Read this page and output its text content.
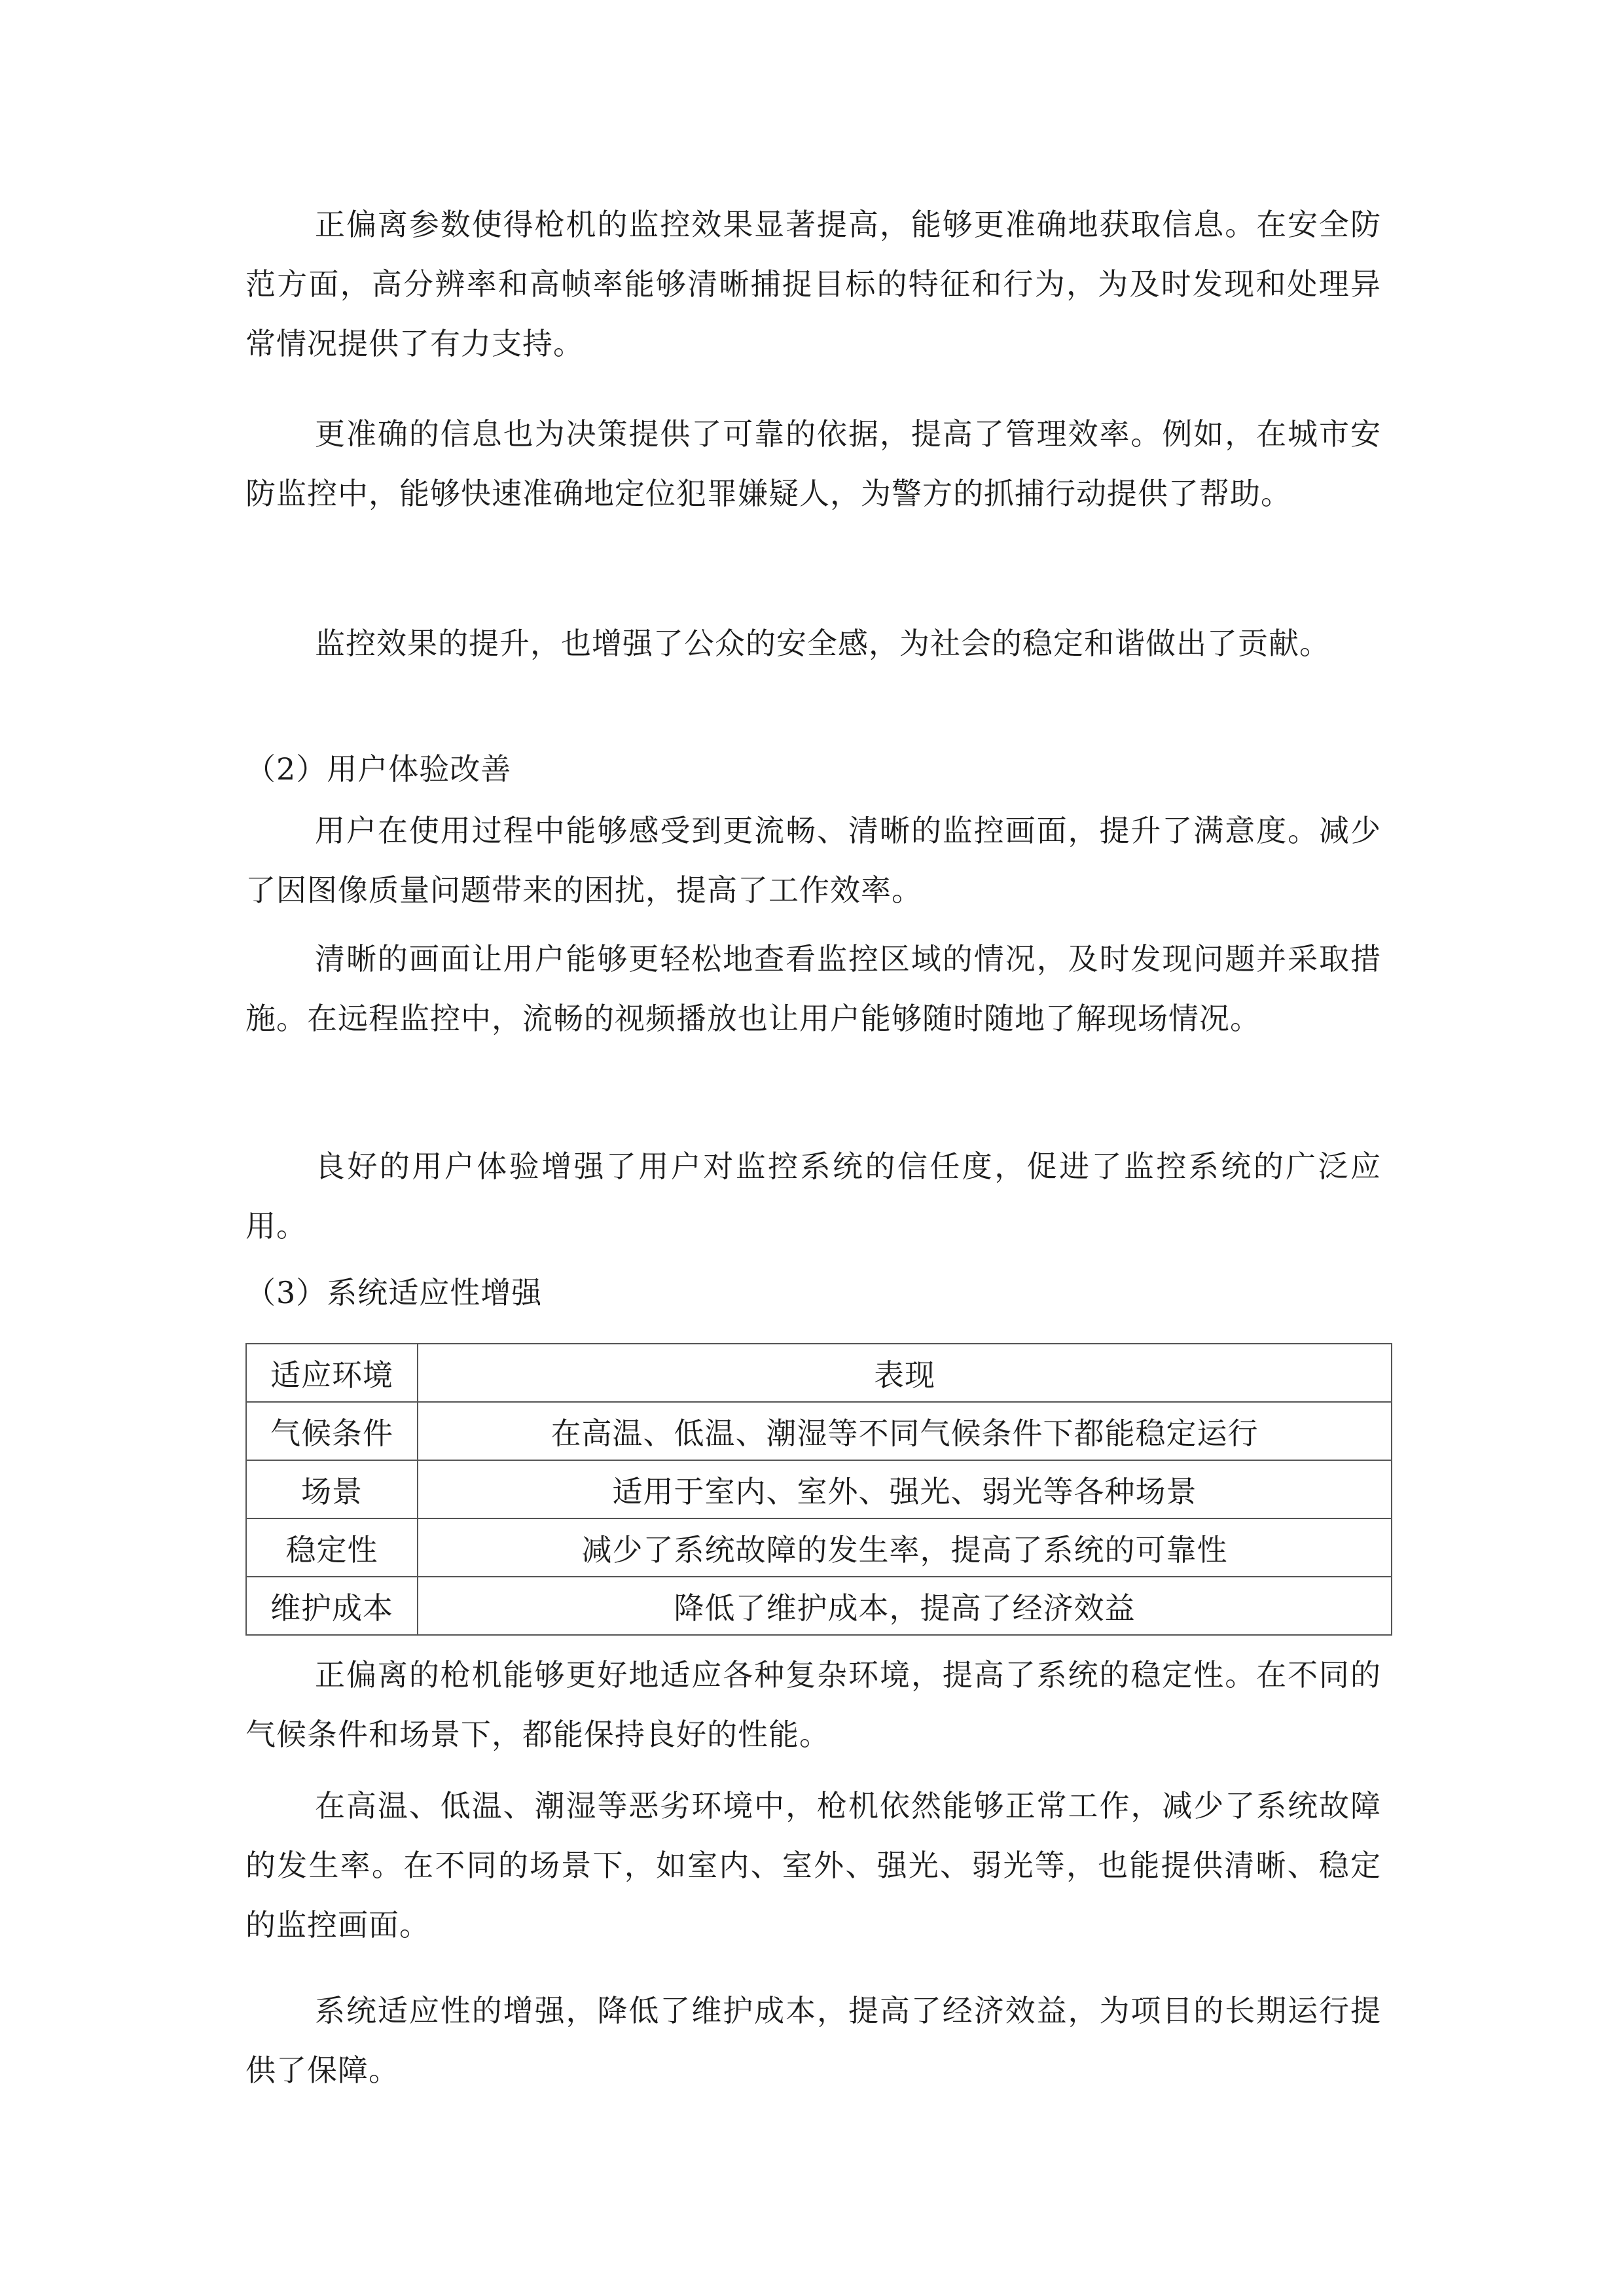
正偏离参数使得枪机的监控效果显著提高，能够更准确地获取信息。在安全防范方面，高分辨率和高帧率能够清晰捕捉目标的特征和行为，为及时发现和处理异常情况提供了有力支持。

更准确的信息也为决策提供了可靠的依据，提高了管理效率。例如，在城市安防监控中，能够快速准确地定位犯罪嫌疑人，为警方的抓捕行动提供了帮助。

监控效果的提升，也增强了公众的安全感，为社会的稳定和谐做出了贡献。

（2）用户体验改善

用户在使用过程中能够感受到更流畅、清晰的监控画面，提升了满意度。减少了因图像质量问题带来的困扰，提高了工作效率。

清晰的画面让用户能够更轻松地查看监控区域的情况，及时发现问题并采取措施。在远程监控中，流畅的视频播放也让用户能够随时随地了解现场情况。

良好的用户体验增强了用户对监控系统的信任度，促进了监控系统的广泛应用。

（3）系统适应性增强

适应环境	表现
气候条件	在高温、低温、潮湿等不同气候条件下都能稳定运行
场景	适用于室内、室外、强光、弱光等各种场景
稳定性	减少了系统故障的发生率，提高了系统的可靠性
维护成本	降低了维护成本，提高了经济效益

正偏离的枪机能够更好地适应各种复杂环境，提高了系统的稳定性。在不同的气候条件和场景下，都能保持良好的性能。

在高温、低温、潮湿等恶劣环境中，枪机依然能够正常工作，减少了系统故障的发生率。在不同的场景下，如室内、室外、强光、弱光等，也能提供清晰、稳定的监控画面。

系统适应性的增强，降低了维护成本，提高了经济效益，为项目的长期运行提供了保障。
